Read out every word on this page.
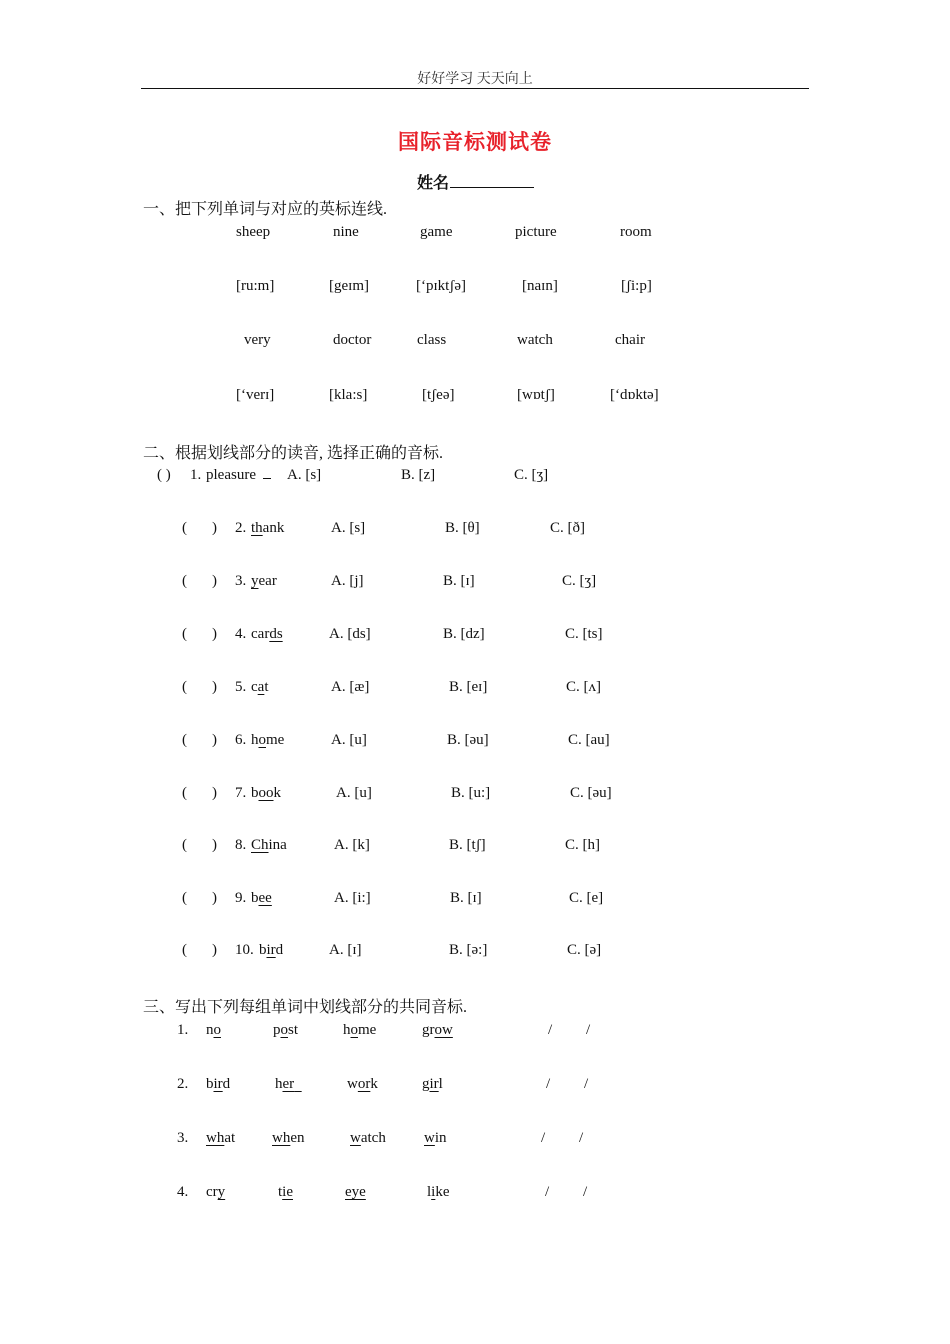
好好学习 天天向上
国际音标测试卷
姓名
一、把下列单词与对应的英标连线.
sheep	nine	game	picture	room
[ru:m]	[geɪm]	[‘pɪktʃə]	[naɪn]	[ʃi:p]
very	doctor	class	watch	chair
[‘verɪ]	[kla:s]	[tʃeə]	[wɒtʃ]	[‘dɒktə]
二、根据划线部分的读音, 选择正确的音标.
( ) 1. pleasure	A. [s]	B. [z]	C. [ʒ]
( ) 2. thank	A. [s]	B. [θ]	C. [ð]
( ) 3. year	A. [j]	B. [ɪ]	C. [ʒ]
( ) 4. cards	A. [ds]	B. [dz]	C. [ts]
( ) 5. cat	A. [æ]	B. [eɪ]	C. [ʌ]
( ) 6. home	A. [u]	B. [əu]	C. [au]
( ) 7. book	A. [u]	B. [u:]	C. [əu]
( ) 8. China	A. [k]	B. [tʃ]	C. [h]
( ) 9. bee	A. [i:]	B. [ɪ]	C. [e]
( ) 10. bird	A. [ɪ]	B. [ə:]	C. [ə]
三、写出下列每组单词中划线部分的共同音标.
1. no	post	home	grow	/ /
2. bird	her	work	girl	/ /
3. what when	watch	win	/ /
4. cry	tie	eye	like	/ /
